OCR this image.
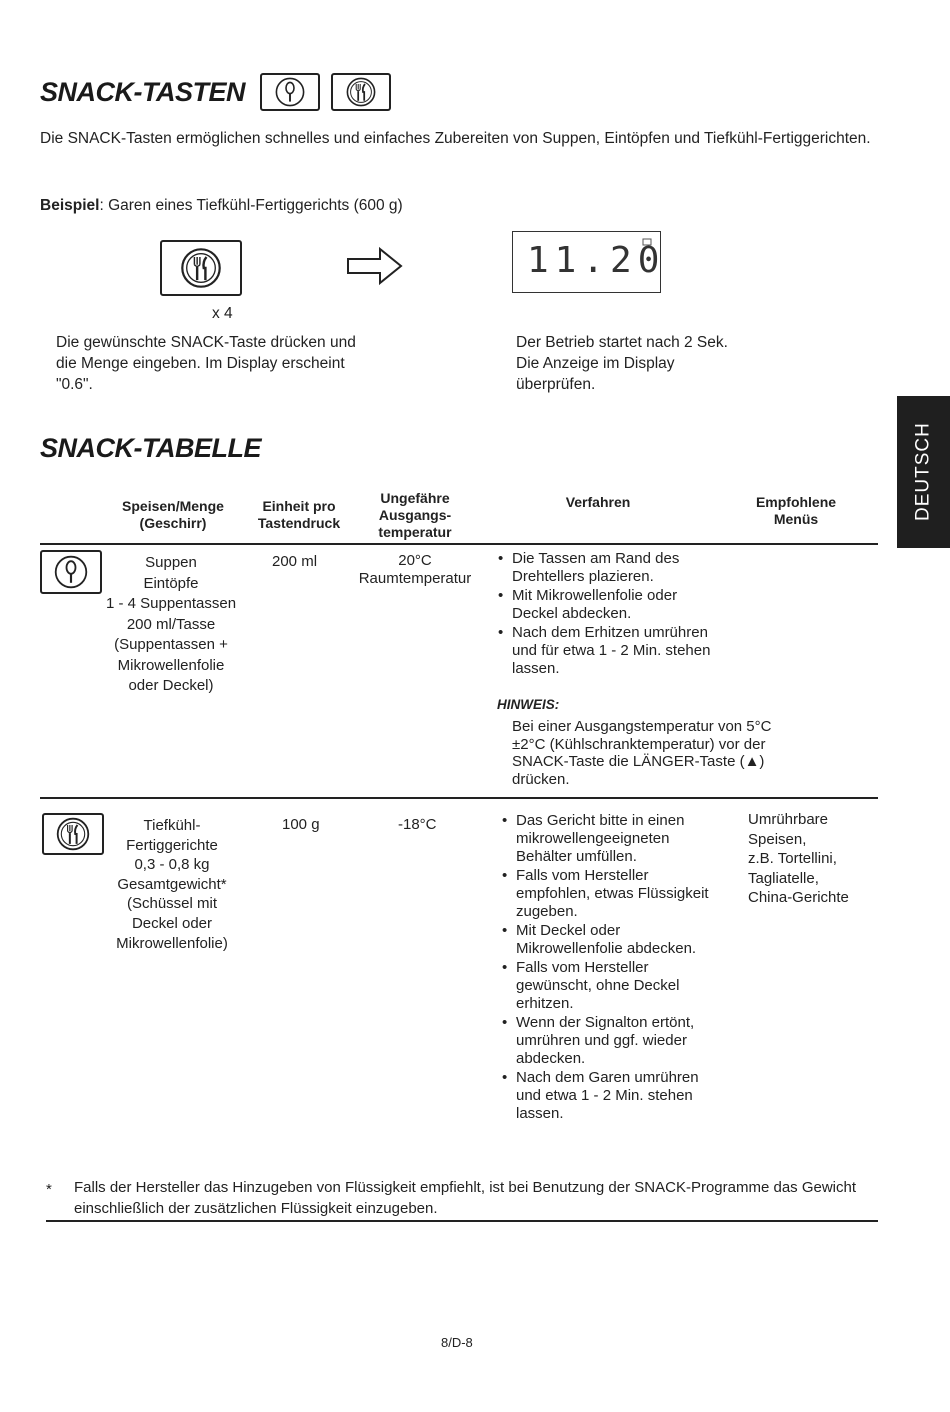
SNACK-TASTEN
Die SNACK-Tasten ermöglichen schnelles und einfaches Zubereiten von Suppen, Eintöpfen und Tiefkühl-Fertiggerichten.
Beispiel: Garen eines Tiefkühl-Fertiggerichts (600 g)
x 4
Die gewünschte SNACK-Taste drücken und die Menge eingeben. Im Display erscheint "0.6".
11.20
Der Betrieb startet nach 2 Sek. Die Anzeige im Display überprüfen.
DEUTSCH
SNACK-TABELLE
Speisen/Menge (Geschirr)
Einheit pro Tastendruck
Ungefähre Ausgangs- temperatur
Verfahren	Empfohlene Menüs
Suppen
Eintöpfe
1 - 4 Suppentassen
200 ml/Tasse
(Suppentassen +
Mikrowellenfolie
oder Deckel)
200 ml	20°C
Raumtemperatur
• Die Tassen am Rand des Drehtellers plazieren.
• Mit Mikrowellenfolie oder Deckel abdecken.
• Nach dem Erhitzen umrühren und für etwa 1 - 2 Min. stehen lassen.
HINWEIS:
Bei einer Ausgangstemperatur von 5°C ±2°C (Kühlschranktemperatur) vor der SNACK-Taste die LÄNGER-Taste (▲) drücken.
Tiefkühl-
Fertiggerichte
0,3 - 0,8 kg
Gesamtgewicht*
(Schüssel mit
Deckel oder
Mikrowellenfolie)
100 g	-18°C
•	Das Gericht bitte in einen mikrowellengeeigneten Behälter umfüllen.
• Falls vom Hersteller empfohlen, etwas Flüssigkeit zugeben.
• Mit Deckel oder Mikrowellenfolie abdecken.
• Falls vom Hersteller gewünscht, ohne Deckel erhitzen.
• Wenn der Signalton ertönt, umrühren und ggf. wieder abdecken.
• Nach dem Garen umrühren und etwa 1 - 2 Min. stehen lassen.
Umrührbare
Speisen,
z.B. Tortellini,
Tagliatelle,
China-Gerichte
* Falls der Hersteller das Hinzugeben von Flüssigkeit empfiehlt, ist bei Benutzung der SNACK-Programme das Gewicht einschließlich der zusätzlichen Flüssigkeit einzugeben.
8/D-8
